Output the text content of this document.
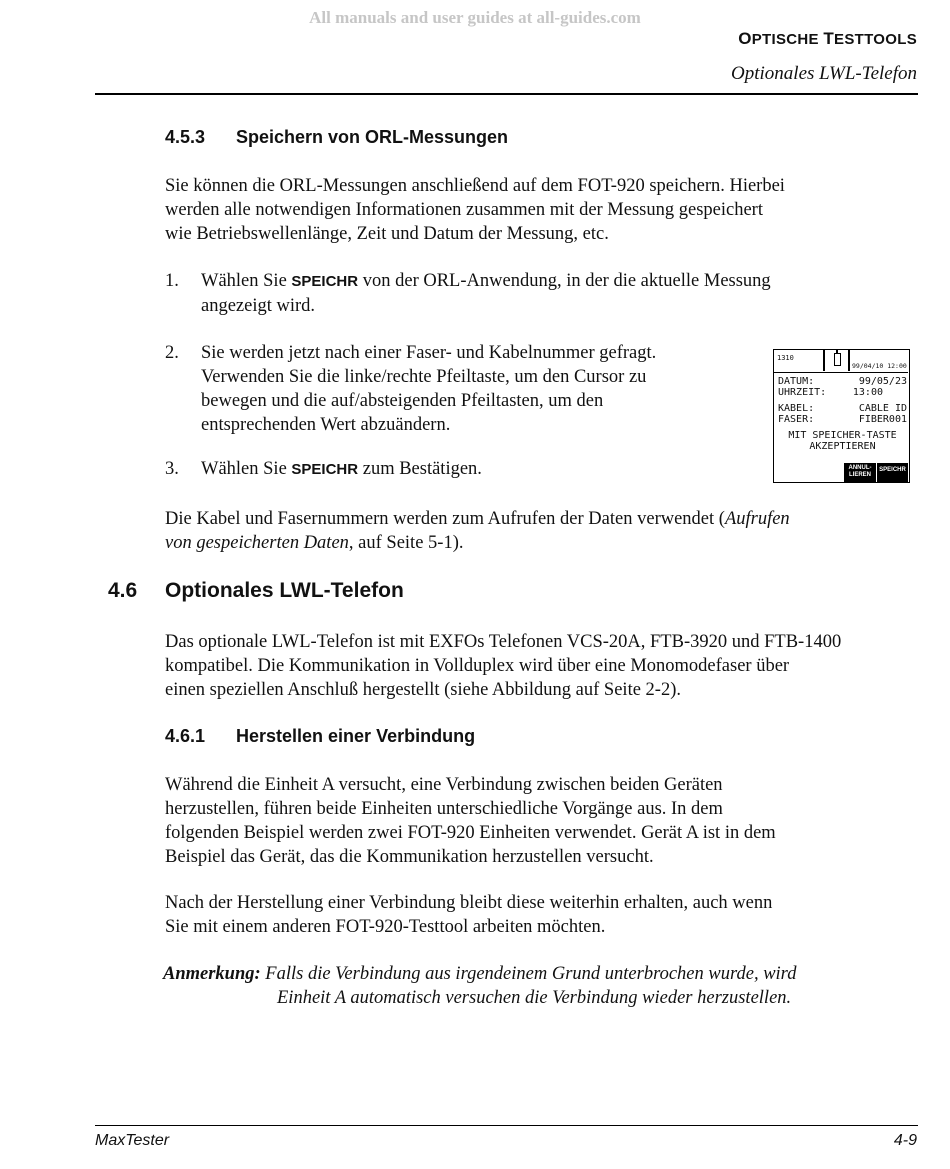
All manuals and user guides at all-guides.com
OPTISCHE TESTTOOLS
Optionales LWL-Telefon
4.5.3 Speichern von ORL-Messungen
Sie können die ORL-Messungen anschließend auf dem FOT-920 speichern. Hierbei
werden alle notwendigen Informationen zusammen mit der Messung gespeichert
wie Betriebswellenlänge, Zeit und Datum der Messung, etc.
1. Wählen Sie SPEICHR von der ORL-Anwendung, in der die aktuelle Messung
angezeigt wird.
2. Sie werden jetzt nach einer Faser- und Kabelnummer gefragt.
Verwenden Sie die linke/rechte Pfeiltaste, um den Cursor zu
bewegen und die auf/absteigenden Pfeiltasten, um den
entsprechenden Wert abzuändern.
3. Wählen Sie SPEICHR zum Bestätigen.
1310
99/04/10 12:00
DATUM:	99/05/23
UHRZEIT:	13:00
KABEL:	CABLE ID
FASER:	FIBER001
MIT SPEICHER-TASTE
AKZEPTIEREN
ANNUL-
LIEREN
SPEICHR
Die Kabel und Fasernummern werden zum Aufrufen der Daten verwendet (Aufrufen
von gespeicherten Daten, auf Seite 5-1).
4.6 Optionales LWL-Telefon
Das optionale LWL-Telefon ist mit EXFOs Telefonen VCS-20A, FTB-3920 und FTB-1400
kompatibel. Die Kommunikation in Vollduplex wird über eine Monomodefaser über
einen speziellen Anschluß hergestellt (siehe Abbildung auf Seite 2-2).
4.6.1 Herstellen einer Verbindung
Während die Einheit A versucht, eine Verbindung zwischen beiden Geräten
herzustellen, führen beide Einheiten unterschiedliche Vorgänge aus. In dem
folgenden Beispiel werden zwei FOT-920 Einheiten verwendet. Gerät A ist in dem
Beispiel das Gerät, das die Kommunikation herzustellen versucht.
Nach der Herstellung einer Verbindung bleibt diese weiterhin erhalten, auch wenn
Sie mit einem anderen FOT-920-Testtool arbeiten möchten.
Anmerkung: Falls die Verbindung aus irgendeinem Grund unterbrochen wurde, wird
Einheit A automatisch versuchen die Verbindung wieder herzustellen.
MaxTester	4-9
